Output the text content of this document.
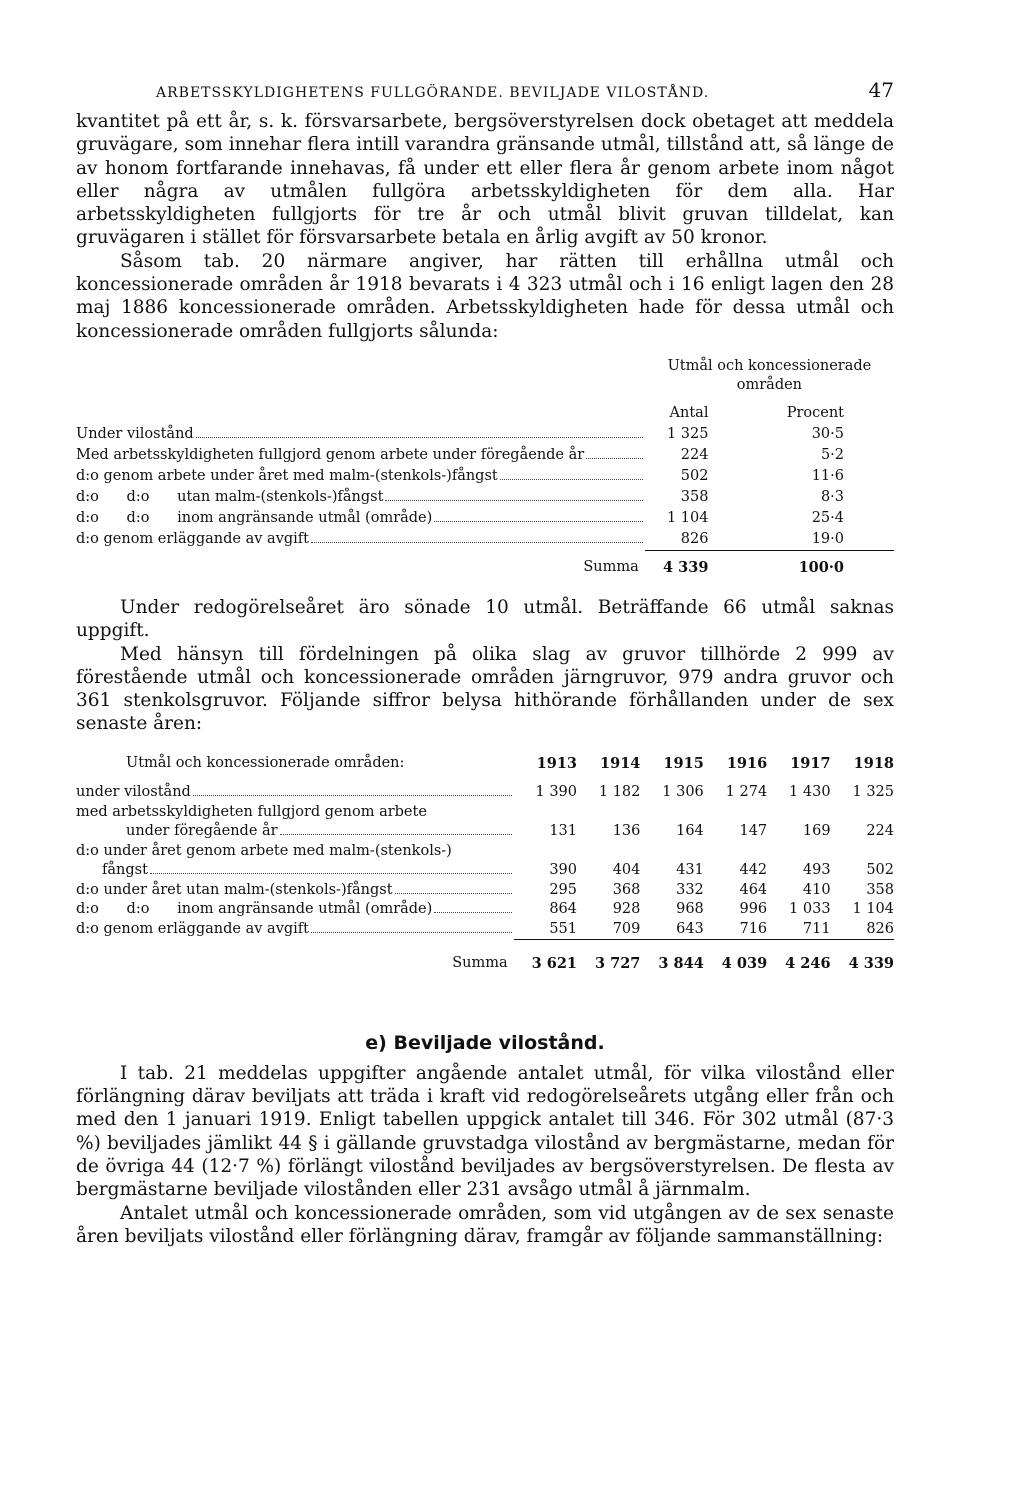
ARBETSSKYLDIGHETENS FULLGÖRANDE. BEVILJADE VILOSTÅND.	47

kvantitet på ett år, s. k. försvarsarbete, bergsöverstyrelsen dock obetaget att meddela gruvägare, som innehar flera intill varandra gränsande utmål, tillstånd att, så länge de av honom fortfarande innehavas, få under ett eller flera år genom arbete inom något eller några av utmålen fullgöra arbetsskyldigheten för dem alla. Har arbetsskyldigheten fullgjorts för tre år och utmål blivit gruvan tilldelat, kan gruvägaren i stället för försvarsarbete betala en årlig avgift av 50 kronor.

Såsom tab. 20 närmare angiver, har rätten till erhållna utmål och koncessionerade områden år 1918 bevarats i 4 323 utmål och i 16 enligt lagen den 28 maj 1886 koncessionerade områden. Arbetsskyldigheten hade för dessa utmål och koncessionerade områden fullgjorts sålunda:

	Utmål och koncessionerade	
	områden	
	Antal	Procent

Under vilostånd	1 325	30·5

Med arbetsskyldigheten fullgjord genom arbete under föregående år	224	5·2

d:o genom arbete under året med malm-(stenkols-)fångst	502	11·6

d:o      d:o      utan malm-(stenkols-)fångst	358	8·3

d:o      d:o      inom angränsande utmål (område)	1 104	25·4

d:o genom erläggande av avgift	826	19·0
Summa	4 339	100·0

Under redogörelseåret äro sönade 10 utmål. Beträffande 66 utmål saknas uppgift.

Med hänsyn till fördelningen på olika slag av gruvor tillhörde 2 999 av förestående utmål och koncessionerade områden järngruvor, 979 andra gruvor och 361 stenkolsgruvor. Följande siffror belysa hithörande förhållanden under de sex senaste åren:

Utmål och koncessionerade områden:	1913	1914	1915	1916	1917	1918

under vilostånd	1 390	1 182	1 306	1 274	1 430	1 325

med arbetsskyldigheten fullgjord genom arbete
under föregående år	131	136	164	147	169	224

d:o under året genom arbete med malm-(stenkols-)
fångst	390	404	431	442	493	502

d:o under året utan malm-(stenkols-)fångst	295	368	332	464	410	358

d:o      d:o      inom angränsande utmål (område)	864	928	968	996	1 033	1 104

d:o genom erläggande av avgift	551	709	643	716	711	826
Summa	3 621	3 727	3 844	4 039	4 246	4 339
e) Beviljade vilostånd.

I tab. 21 meddelas uppgifter angående antalet utmål, för vilka vilostånd eller förlängning därav beviljats att träda i kraft vid redogörelseårets utgång eller från och med den 1 januari 1919. Enligt tabellen uppgick antalet till 346. För 302 utmål (87·3 %) beviljades jämlikt 44 § i gällande gruvstadga vilostånd av bergmästarne, medan för de övriga 44 (12·7 %) förlängt vilostånd beviljades av bergsöverstyrelsen. De flesta av bergmästarne beviljade vilostånden eller 231 avsågo utmål å järnmalm.

Antalet utmål och koncessionerade områden, som vid utgången av de sex senaste åren beviljats vilostånd eller förlängning därav, framgår av följande sammanställning:
